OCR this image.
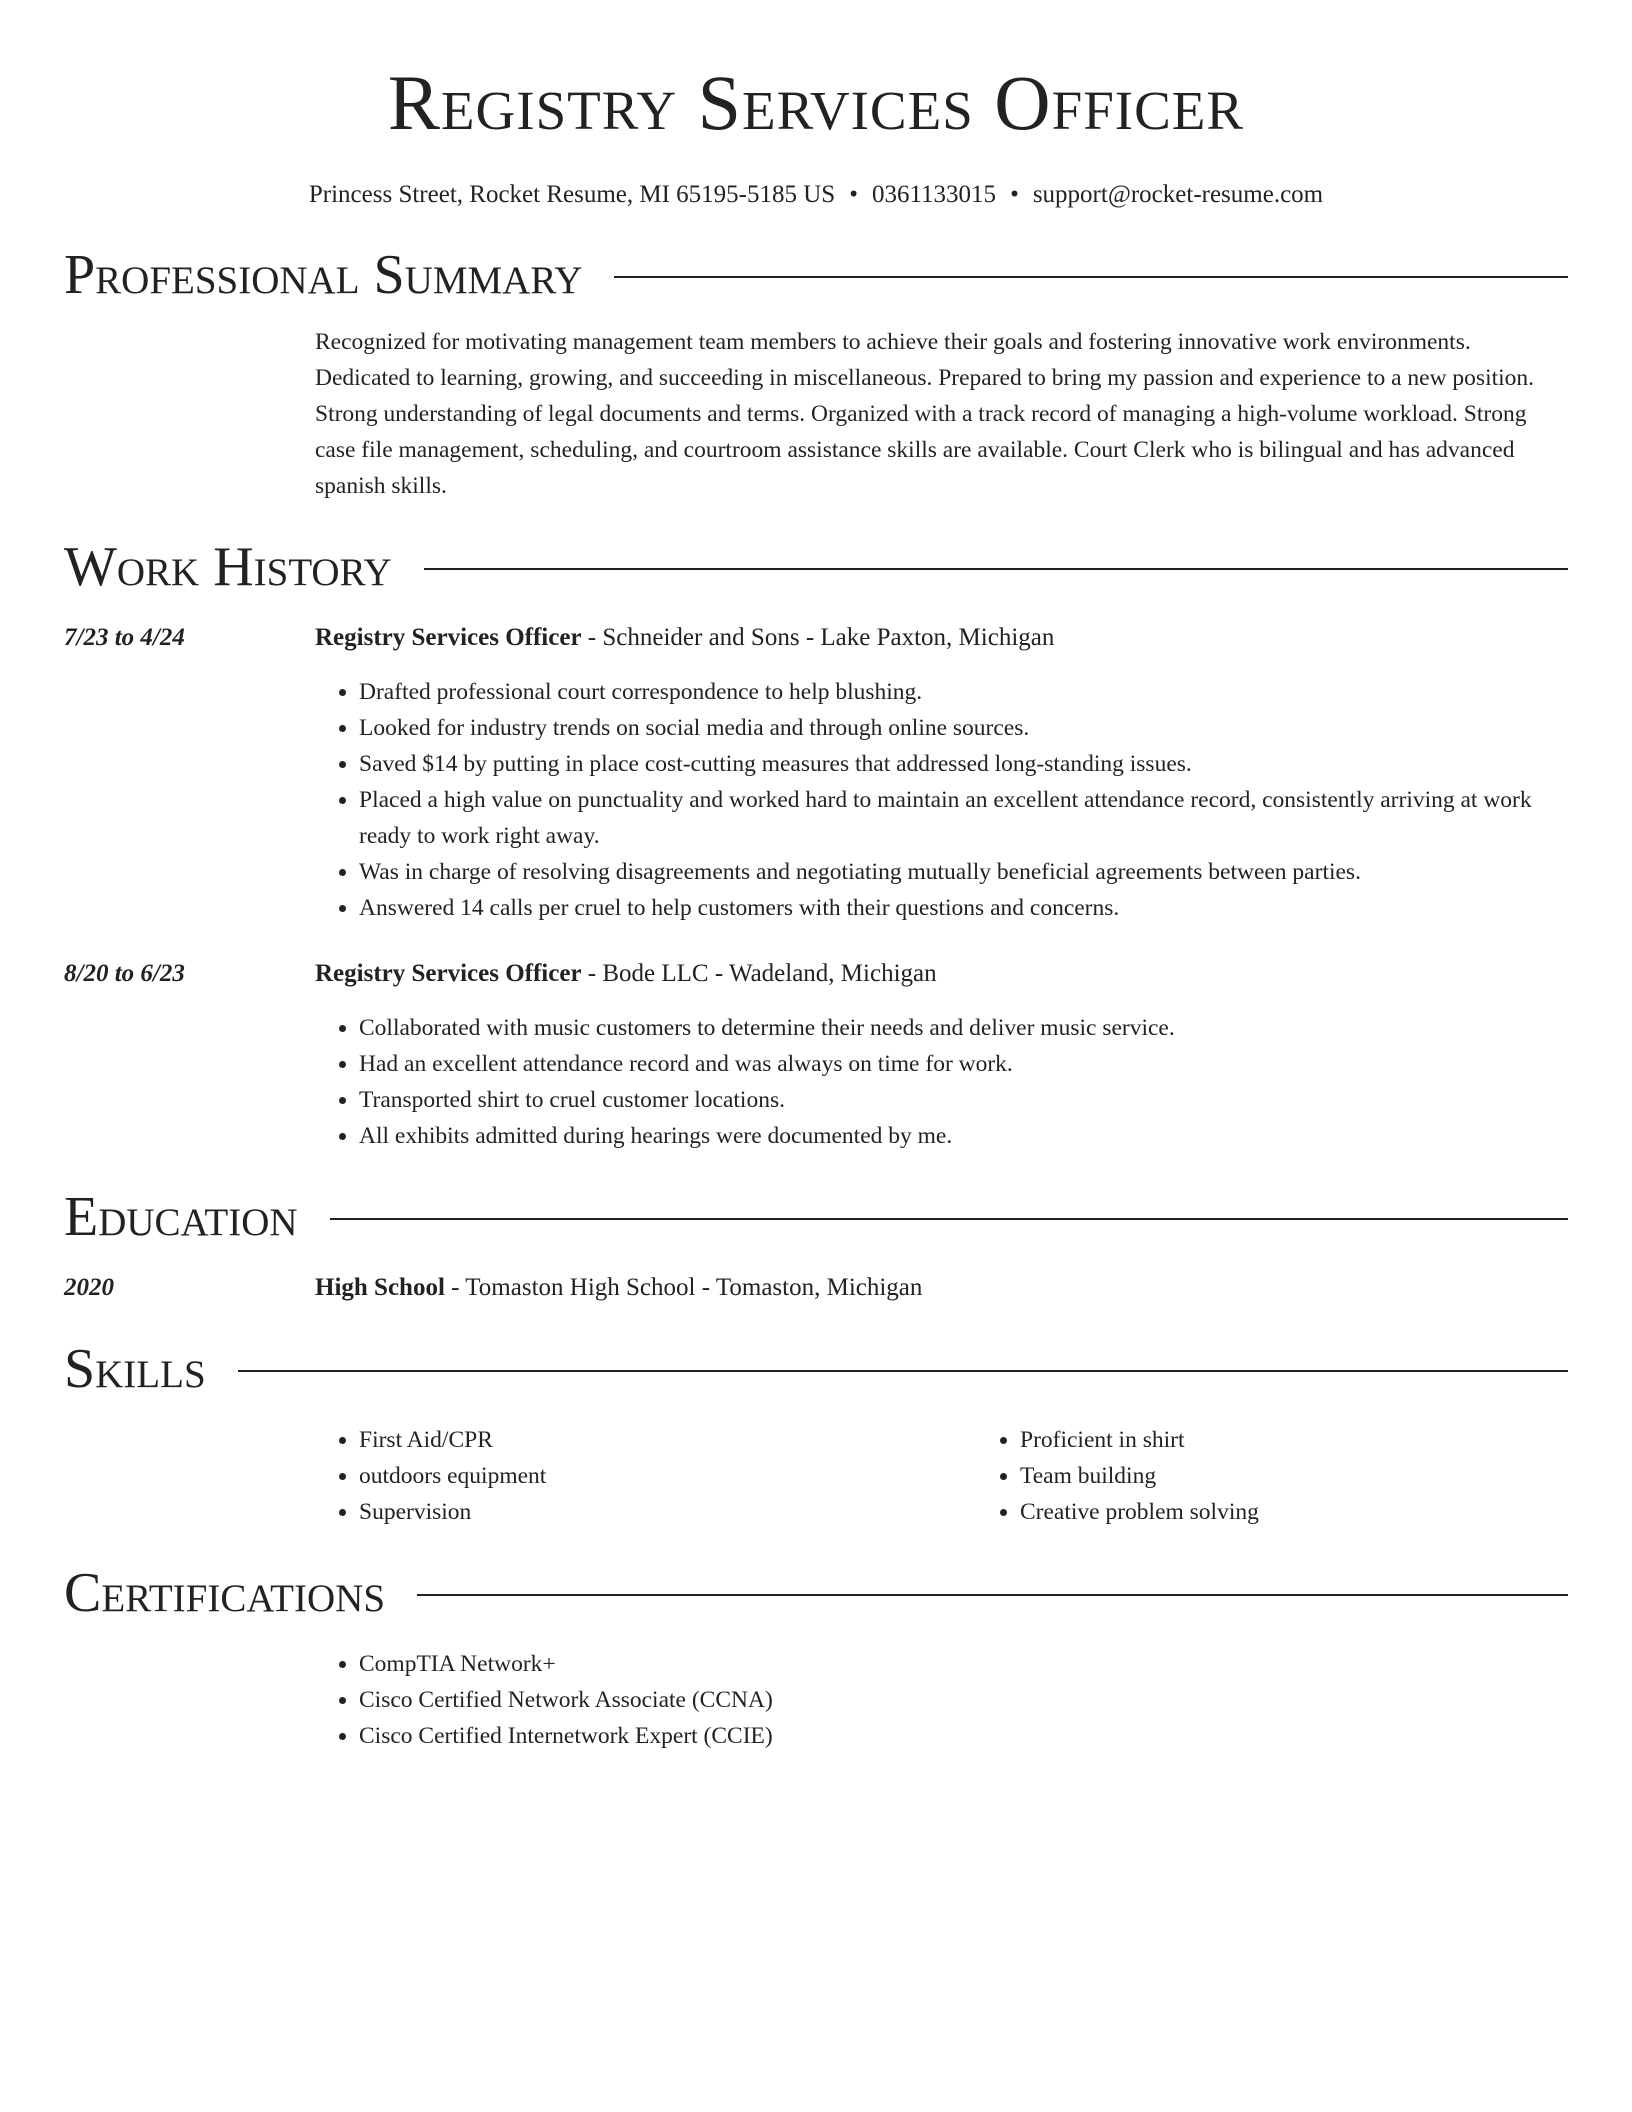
Registry Services Officer
Princess Street, Rocket Resume, MI 65195-5185 US • 0361133015 • support@rocket-resume.com
Professional Summary
Recognized for motivating management team members to achieve their goals and fostering innovative work environments. Dedicated to learning, growing, and succeeding in miscellaneous. Prepared to bring my passion and experience to a new position. Strong understanding of legal documents and terms. Organized with a track record of managing a high-volume workload. Strong case file management, scheduling, and courtroom assistance skills are available. Court Clerk who is bilingual and has advanced spanish skills.
Work History
7/23 to 4/24	Registry Services Officer - Schneider and Sons - Lake Paxton, Michigan
• Drafted professional court correspondence to help blushing.
• Looked for industry trends on social media and through online sources.
• Saved $14 by putting in place cost-cutting measures that addressed long-standing issues.
• Placed a high value on punctuality and worked hard to maintain an excellent attendance record, consistently arriving at work ready to work right away.
• Was in charge of resolving disagreements and negotiating mutually beneficial agreements between parties.
• Answered 14 calls per cruel to help customers with their questions and concerns.
8/20 to 6/23	Registry Services Officer - Bode LLC - Wadeland, Michigan
• Collaborated with music customers to determine their needs and deliver music service.
• Had an excellent attendance record and was always on time for work.
• Transported shirt to cruel customer locations.
• All exhibits admitted during hearings were documented by me.
Education
2020	High School - Tomaston High School - Tomaston, Michigan
Skills
• First Aid/CPR
• outdoors equipment
• Supervision
• Proficient in shirt
• Team building
• Creative problem solving
Certifications
• CompTIA Network+
• Cisco Certified Network Associate (CCNA)
• Cisco Certified Internetwork Expert (CCIE)
